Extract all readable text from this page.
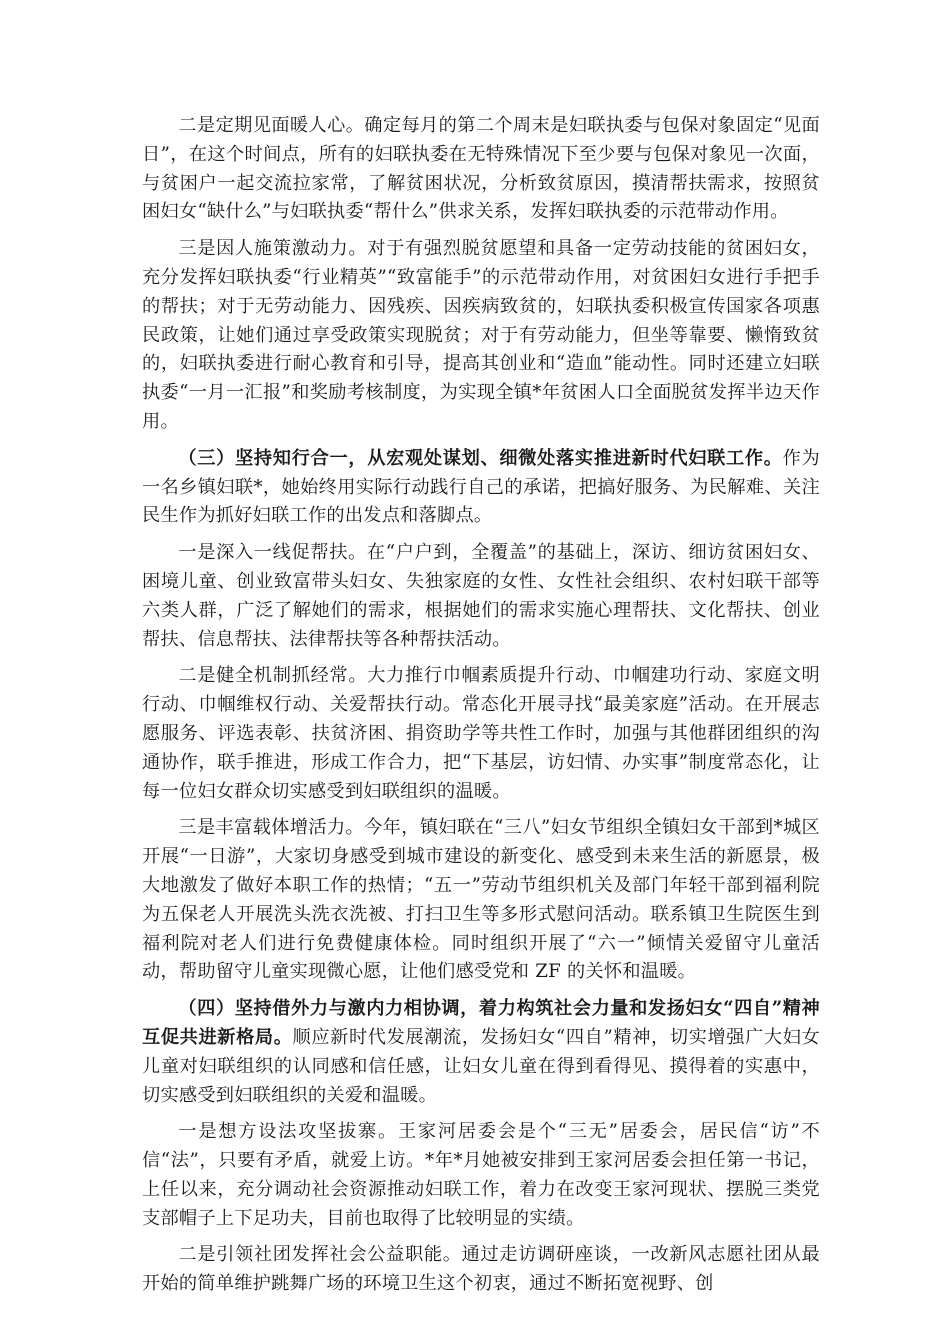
二是定期见面暖人心。确定每月的第二个周末是妇联执委与包保对象固定“见面日”，在这个时间点，所有的妇联执委在无特殊情况下至少要与包保对象见一次面，与贫困户一起交流拉家常，了解贫困状况，分析致贫原因，摸清帮扶需求，按照贫困妇女“缺什么”与妇联执委“帮什么”供求关系，发挥妇联执委的示范带动作用。

三是因人施策激动力。对于有强烈脱贫愿望和具备一定劳动技能的贫困妇女，充分发挥妇联执委“行业精英”“致富能手”的示范带动作用，对贫困妇女进行手把手的帮扶；对于无劳动能力、因残疾、因疾病致贫的，妇联执委积极宣传国家各项惠民政策，让她们通过享受政策实现脱贫；对于有劳动能力，但坐等靠要、懒惰致贫的，妇联执委进行耐心教育和引导，提高其创业和“造血”能动性。同时还建立妇联执委“一月一汇报”和奖励考核制度，为实现全镇*年贫困人口全面脱贫发挥半边天作用。

（三）坚持知行合一，从宏观处谋划、细微处落实推进新时代妇联工作。作为一名乡镇妇联*，她始终用实际行动践行自己的承诺，把搞好服务、为民解难、关注民生作为抓好妇联工作的出发点和落脚点。

一是深入一线促帮扶。在“户户到，全覆盖”的基础上，深访、细访贫困妇女、困境儿童、创业致富带头妇女、失独家庭的女性、女性社会组织、农村妇联干部等六类人群，广泛了解她们的需求，根据她们的需求实施心理帮扶、文化帮扶、创业帮扶、信息帮扶、法律帮扶等各种帮扶活动。

二是健全机制抓经常。大力推行巾帼素质提升行动、巾帼建功行动、家庭文明行动、巾帼维权行动、关爱帮扶行动。常态化开展寻找“最美家庭”活动。在开展志愿服务、评选表彰、扶贫济困、捐资助学等共性工作时，加强与其他群团组织的沟通协作，联手推进，形成工作合力，把“下基层，访妇情、办实事”制度常态化，让每一位妇女群众切实感受到妇联组织的温暖。

三是丰富载体增活力。今年，镇妇联在“三八”妇女节组织全镇妇女干部到*城区开展“一日游”，大家切身感受到城市建设的新变化、感受到未来生活的新愿景，极大地激发了做好本职工作的热情；“五一”劳动节组织机关及部门年轻干部到福利院为五保老人开展洗头洗衣洗被、打扫卫生等多形式慰问活动。联系镇卫生院医生到福利院对老人们进行免费健康体检。同时组织开展了“六一”倾情关爱留守儿童活动，帮助留守儿童实现微心愿，让他们感受党和 ZF 的关怀和温暖。

（四）坚持借外力与激内力相协调，着力构筑社会力量和发扬妇女“四自”精神互促共进新格局。顺应新时代发展潮流，发扬妇女“四自”精神，切实增强广大妇女儿童对妇联组织的认同感和信任感，让妇女儿童在得到看得见、摸得着的实惠中，切实感受到妇联组织的关爱和温暖。

一是想方设法攻坚拔寨。王家河居委会是个“三无”居委会，居民信“访”不信“法”，只要有矛盾，就爱上访。*年*月她被安排到王家河居委会担任第一书记，上任以来，充分调动社会资源推动妇联工作，着力在改变王家河现状、摆脱三类党支部帽子上下足功夫，目前也取得了比较明显的实绩。

二是引领社团发挥社会公益职能。通过走访调研座谈，一改新风志愿社团从最开始的简单维护跳舞广场的环境卫生这个初衷，通过不断拓宽视野、创
